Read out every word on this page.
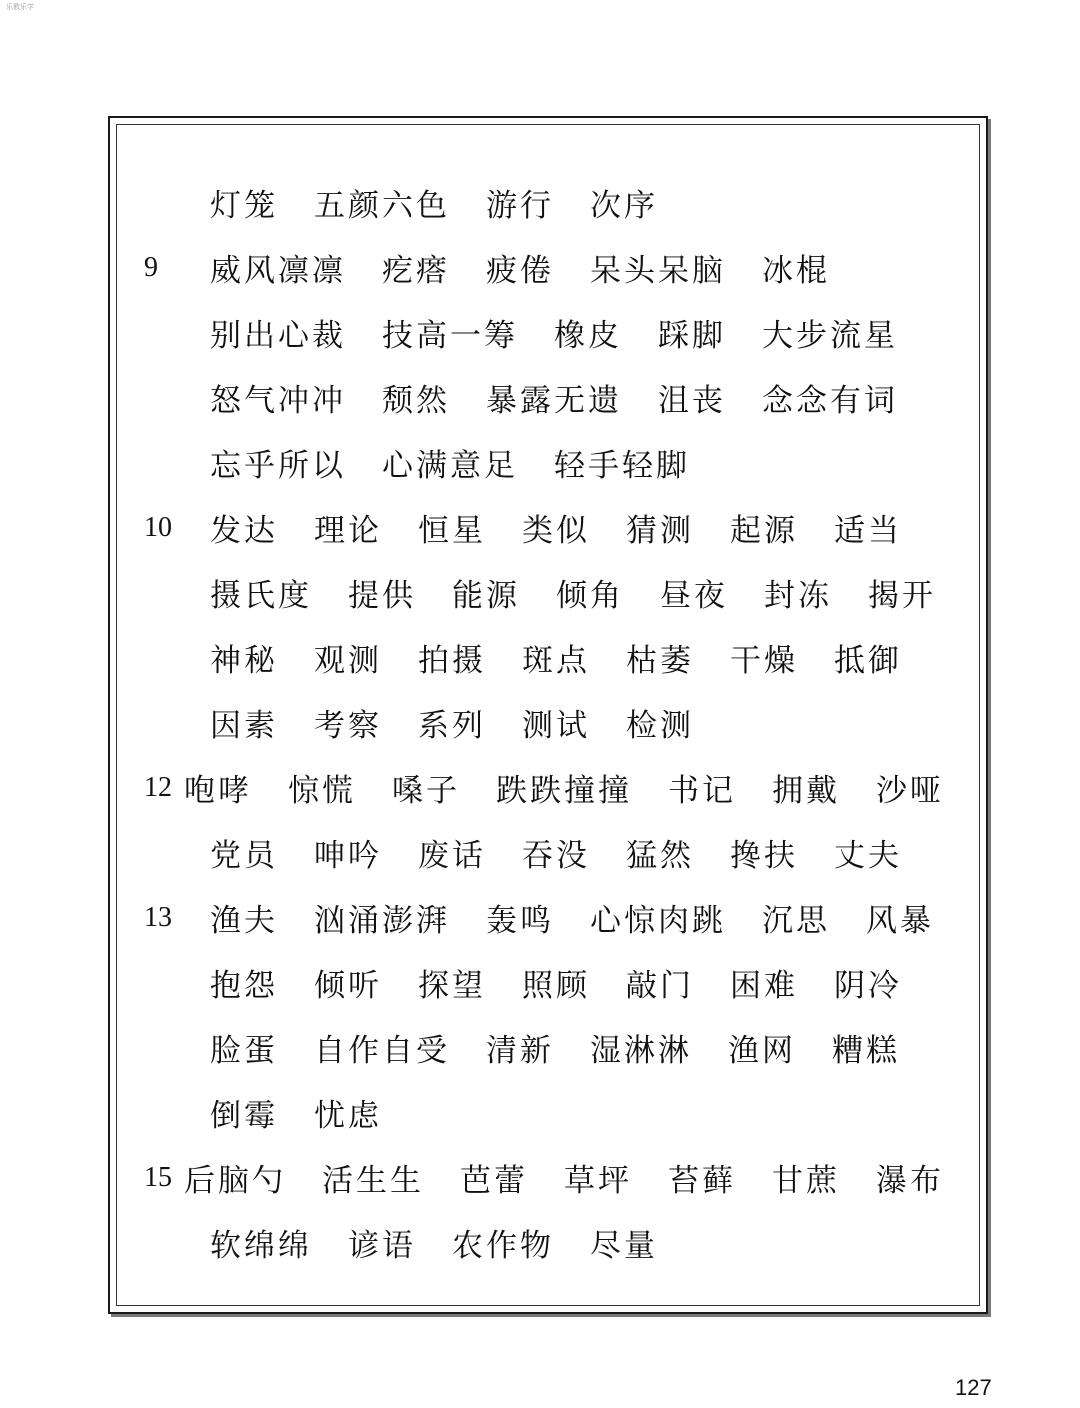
乐教乐学
灯笼 五颜六色 游行 次序
9	威风凛凛 疙瘩 疲倦 呆头呆脑 冰棍
别出心裁 技高一筹 橡皮 踩脚 大步流星
怒气冲冲 颓然 暴露无遗 沮丧 念念有词
忘乎所以 心满意足 轻手轻脚
10	发达 理论 恒星 类似 猜测 起源 适当
摄氏度 提供 能源 倾角 昼夜 封冻 揭开
神秘 观测 拍摄 斑点 枯萎 干燥 抵御
因素 考察 系列 测试 检测
12 咆哮 惊慌 嗓子 跌跌撞撞 书记 拥戴 沙哑
党员 呻吟 废话 吞没 猛然 搀扶 丈夫
13	渔夫 汹涌澎湃 轰鸣 心惊肉跳 沉思 风暴
抱怨 倾听 探望 照顾 敲门 困难 阴冷
脸蛋 自作自受 清新 湿淋淋 渔网 糟糕
倒霉 忧虑
15 后脑勺 活生生 芭蕾 草坪 苔藓 甘蔗 瀑布
软绵绵 谚语 农作物 尽量
127
